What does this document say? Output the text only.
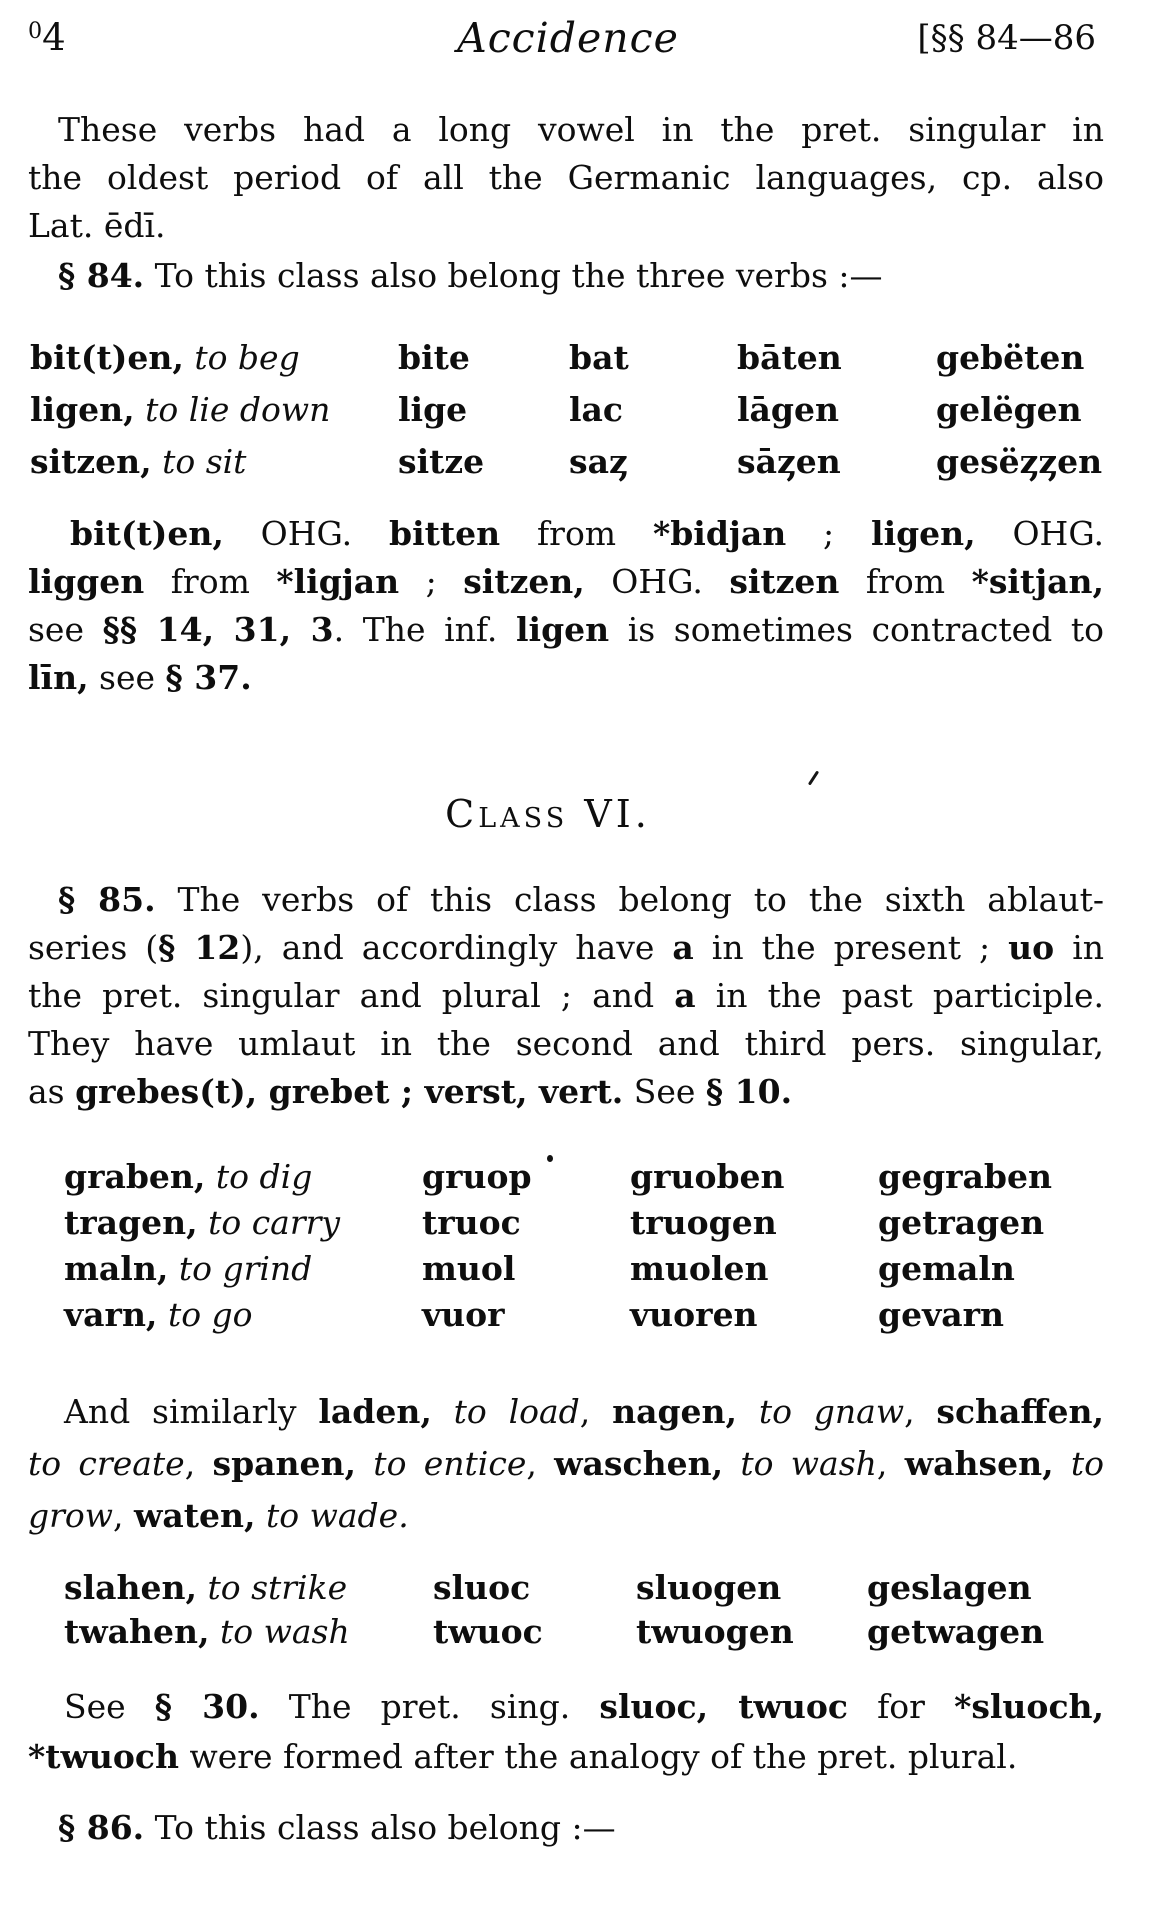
04	Accidence	[§§ 84—86
These verbs had a long vowel in the pret. singular in
the oldest period of all the Germanic languages, cp. also
Lat. ēdī.
§ 84. To this class also belong the three verbs :—
bit(t)en, to beg	bite	bat	bāten	gebëten
ligen, to lie down	lige	lac	lāgen	gelëgen
sitzen, to sit	sitze	saȥ	sāȥen	gesëȥȥen
bit(t)en, OHG. bitten from *bidjan ; ligen, OHG.
liggen from *ligjan ; sitzen, OHG. sitzen from *sitjan,
see §§ 14, 31, 3. The inf. ligen is sometimes contracted to
līn, see § 37.
Class VI.
§ 85. The verbs of this class belong to the sixth ablaut-
series (§ 12), and accordingly have a in the present ; uo in
the pret. singular and plural ; and a in the past participle.
They have umlaut in the second and third pers. singular,
as grebes(t), grebet ; verst, vert. See § 10.
graben, to dig	gruop	gruoben	gegraben
tragen, to carry	truoc	truogen	getragen
maln, to grind	muol	muolen	gemaln
varn, to go	vuor	vuoren	gevarn
And similarly laden, to load, nagen, to gnaw, schaffen,
to create, spanen, to entice, waschen, to wash, wahsen, to
grow, waten, to wade.
slahen, to strike	sluoc	sluogen	geslagen
twahen, to wash	twuoc	twuogen	getwagen
See § 30. The pret. sing. sluoc, twuoc for *sluoch,
*twuoch were formed after the analogy of the pret. plural.
§ 86. To this class also belong :—
